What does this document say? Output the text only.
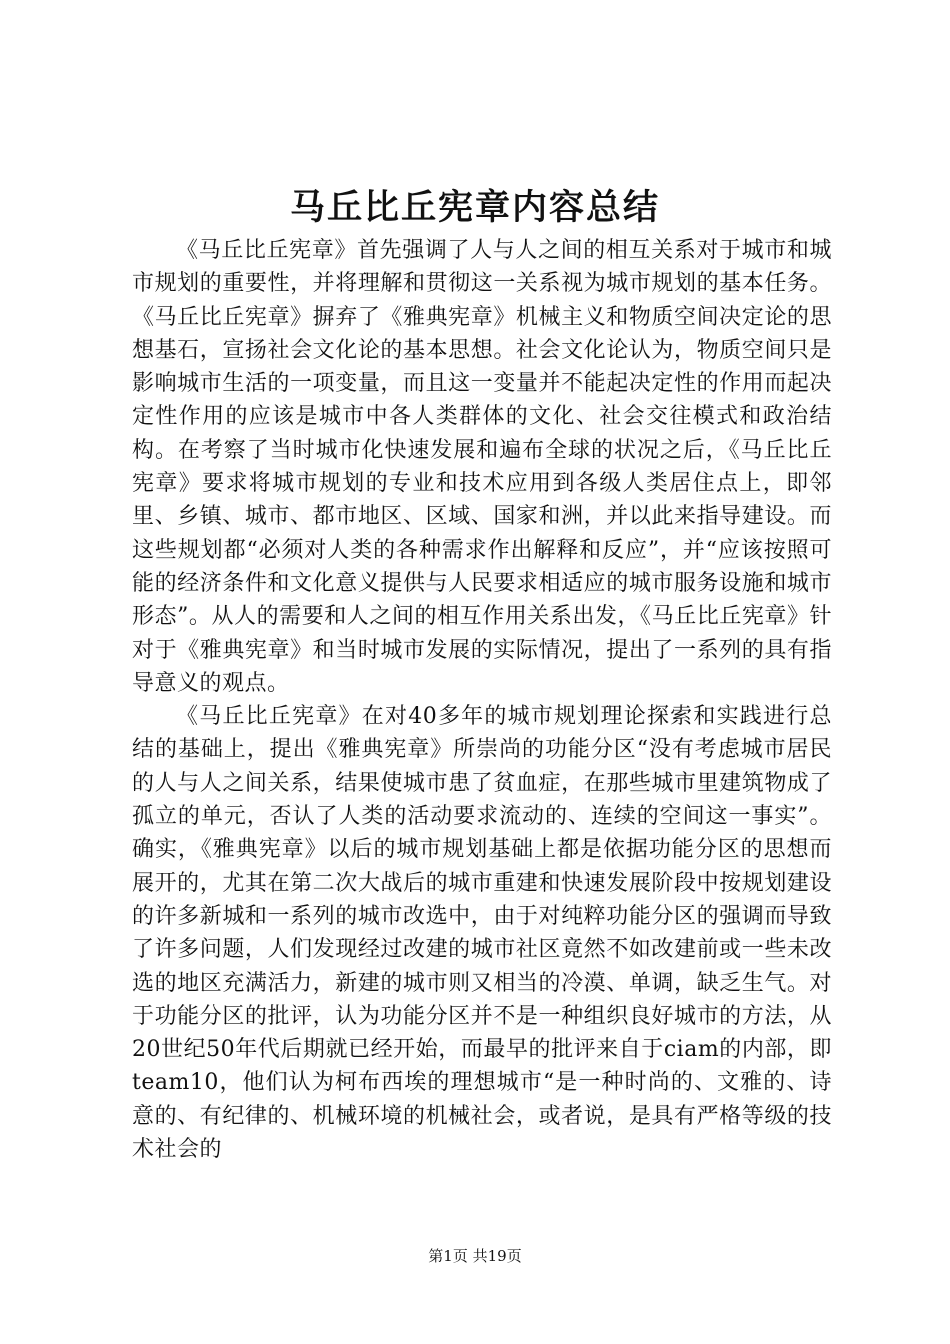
马丘比丘宪章内容总结

《马丘比丘宪章》首先强调了人与人之间的相互关系对于城市和城市规划的重要性，并将理解和贯彻这一关系视为城市规划的基本任务。《马丘比丘宪章》摒弃了《雅典宪章》机械主义和物质空间决定论的思想基石，宣扬社会文化论的基本思想。社会文化论认为，物质空间只是影响城市生活的一项变量，而且这一变量并不能起决定性的作用而起决定性作用的应该是城市中各人类群体的文化、社会交往模式和政治结构。在考察了当时城市化快速发展和遍布全球的状况之后，《马丘比丘宪章》要求将城市规划的专业和技术应用到各级人类居住点上，即邻里、乡镇、城市、都市地区、区域、国家和洲，并以此来指导建设。而这些规划都“必须对人类的各种需求作出解释和反应”，并“应该按照可能的经济条件和文化意义提供与人民要求相适应的城市服务设施和城市形态”。从人的需要和人之间的相互作用关系出发，《马丘比丘宪章》针对于《雅典宪章》和当时城市发展的实际情况，提出了一系列的具有指导意义的观点。

《马丘比丘宪章》在对40多年的城市规划理论探索和实践进行总结的基础上，提出《雅典宪章》所崇尚的功能分区“没有考虑城市居民的人与人之间关系，结果使城市患了贫血症，在那些城市里建筑物成了孤立的单元，否认了人类的活动要求流动的、连续的空间这一事实”。确实，《雅典宪章》以后的城市规划基础上都是依据功能分区的思想而展开的，尤其在第二次大战后的城市重建和快速发展阶段中按规划建设的许多新城和一系列的城市改选中，由于对纯粹功能分区的强调而导致了许多问题，人们发现经过改建的城市社区竟然不如改建前或一些未改选的地区充满活力，新建的城市则又相当的冷漠、单调，缺乏生气。对于功能分区的批评，认为功能分区并不是一种组织良好城市的方法，从20世纪50年代后期就已经开始，而最早的批评来自于ciam的内部，即team10，他们认为柯布西埃的理想城市“是一种时尚的、文雅的、诗意的、有纪律的、机械环境的机械社会，或者说，是具有严格等级的技术社会的

第1页 共19页
